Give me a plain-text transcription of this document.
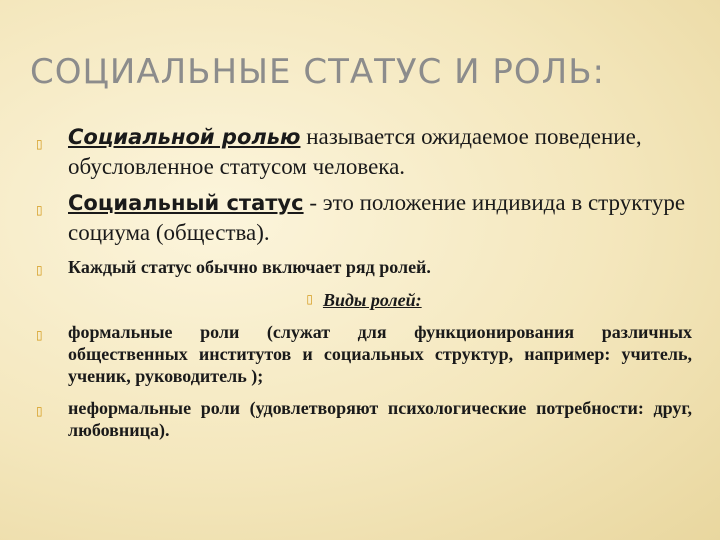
СОЦИАЛЬНЫЕ СТАТУС И РОЛЬ:
▯ Социальной ролью называется ожидаемое поведение, обусловленное статусом человека.
▯ Социальный статус - это положение индивида в структуре социума (общества).
▯ Каждый статус обычно включает ряд ролей.
▯ Виды ролей:
▯ формальные роли (служат для функционирования различных общественных институтов и социальных структур, например: учитель, ученик, руководитель );
▯ неформальные роли (удовлетворяют психологические потребности: друг, любовница).
